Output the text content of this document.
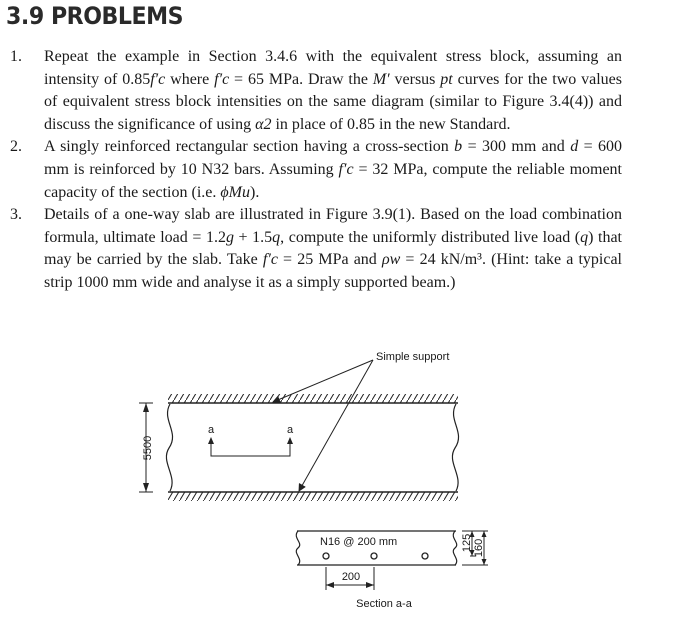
3.9 PROBLEMS
1.	Repeat the example in Section 3.4.6 with the equivalent stress block, assuming an intensity of 0.85f′c where f′c = 65 MPa. Draw the M′ versus pt curves for the two values of equivalent stress block intensities on the same diagram (similar to Figure 3.4(4)) and discuss the significance of using α2 in place of 0.85 in the new Standard.
2.	A singly reinforced rectangular section having a cross-section b = 300 mm and d = 600 mm is reinforced by 10 N32 bars. Assuming f′c = 32 MPa, compute the reliable moment capacity of the section (i.e. ϕMu).
3.	Details of a one-way slab are illustrated in Figure 3.9(1). Based on the load combination formula, ultimate load = 1.2g + 1.5q, compute the uniformly distributed live load (q) that may be carried by the slab. Take f′c = 25 MPa and ρw = 24 kN/m³. (Hint: take a typical strip 1000 mm wide and analyse it as a simply supported beam.)
5500
a	a
Simple support
N16 @ 200 mm
200
125 160
Section a-a
